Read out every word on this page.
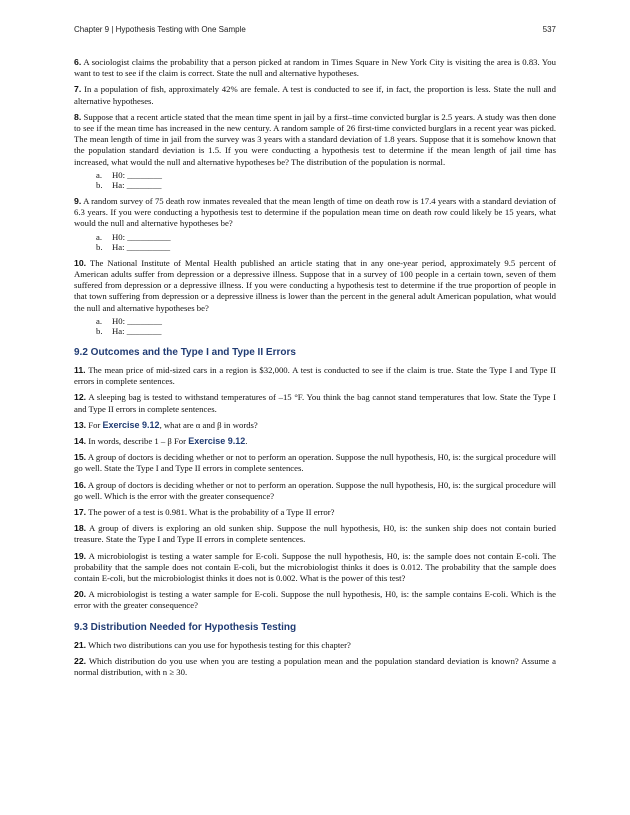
Chapter 9 | Hypothesis Testing with One Sample	537

6. A sociologist claims the probability that a person picked at random in Times Square in New York City is visiting the area is 0.83. You want to test to see if the claim is correct. State the null and alternative hypotheses.

7. In a population of fish, approximately 42% are female. A test is conducted to see if, in fact, the proportion is less. State the null and alternative hypotheses.

8. Suppose that a recent article stated that the mean time spent in jail by a first–time convicted burglar is 2.5 years. A study was then done to see if the mean time has increased in the new century. A random sample of 26 first-time convicted burglars in a recent year was picked. The mean length of time in jail from the survey was 3 years with a standard deviation of 1.8 years. Suppose that it is somehow known that the population standard deviation is 1.5. If you were conducting a hypothesis test to determine if the mean length of jail time has increased, what would the null and alternative hypotheses be? The distribution of the population is normal.

a.	H0: ________
b.	Ha: ________

9. A random survey of 75 death row inmates revealed that the mean length of time on death row is 17.4 years with a standard deviation of 6.3 years. If you were conducting a hypothesis test to determine if the population mean time on death row could likely be 15 years, what would the null and alternative hypotheses be?

a.	H0: __________
b.	Ha: __________

10. The National Institute of Mental Health published an article stating that in any one-year period, approximately 9.5 percent of American adults suffer from depression or a depressive illness. Suppose that in a survey of 100 people in a certain town, seven of them suffered from depression or a depressive illness. If you were conducting a hypothesis test to determine if the true proportion of people in that town suffering from depression or a depressive illness is lower than the percent in the general adult American population, what would the null and alternative hypotheses be?

a.	H0: ________
b.	Ha: ________
9.2 Outcomes and the Type I and Type II Errors

11. The mean price of mid-sized cars in a region is $32,000. A test is conducted to see if the claim is true. State the Type I and Type II errors in complete sentences.

12. A sleeping bag is tested to withstand temperatures of –15 °F. You think the bag cannot stand temperatures that low. State the Type I and Type II errors in complete sentences.

13. For Exercise 9.12, what are α and β in words?

14. In words, describe 1 – β For Exercise 9.12.

15. A group of doctors is deciding whether or not to perform an operation. Suppose the null hypothesis, H0, is: the surgical procedure will go well. State the Type I and Type II errors in complete sentences.

16. A group of doctors is deciding whether or not to perform an operation. Suppose the null hypothesis, H0, is: the surgical procedure will go well. Which is the error with the greater consequence?

17. The power of a test is 0.981. What is the probability of a Type II error?

18. A group of divers is exploring an old sunken ship. Suppose the null hypothesis, H0, is: the sunken ship does not contain buried treasure. State the Type I and Type II errors in complete sentences.

19. A microbiologist is testing a water sample for E-coli. Suppose the null hypothesis, H0, is: the sample does not contain E-coli. The probability that the sample does not contain E-coli, but the microbiologist thinks it does is 0.012. The probability that the sample does contain E-coli, but the microbiologist thinks it does not is 0.002. What is the power of this test?

20. A microbiologist is testing a water sample for E-coli. Suppose the null hypothesis, H0, is: the sample contains E-coli. Which is the error with the greater consequence?

9.3 Distribution Needed for Hypothesis Testing

21. Which two distributions can you use for hypothesis testing for this chapter?

22. Which distribution do you use when you are testing a population mean and the population standard deviation is known? Assume a normal distribution, with n ≥ 30.
